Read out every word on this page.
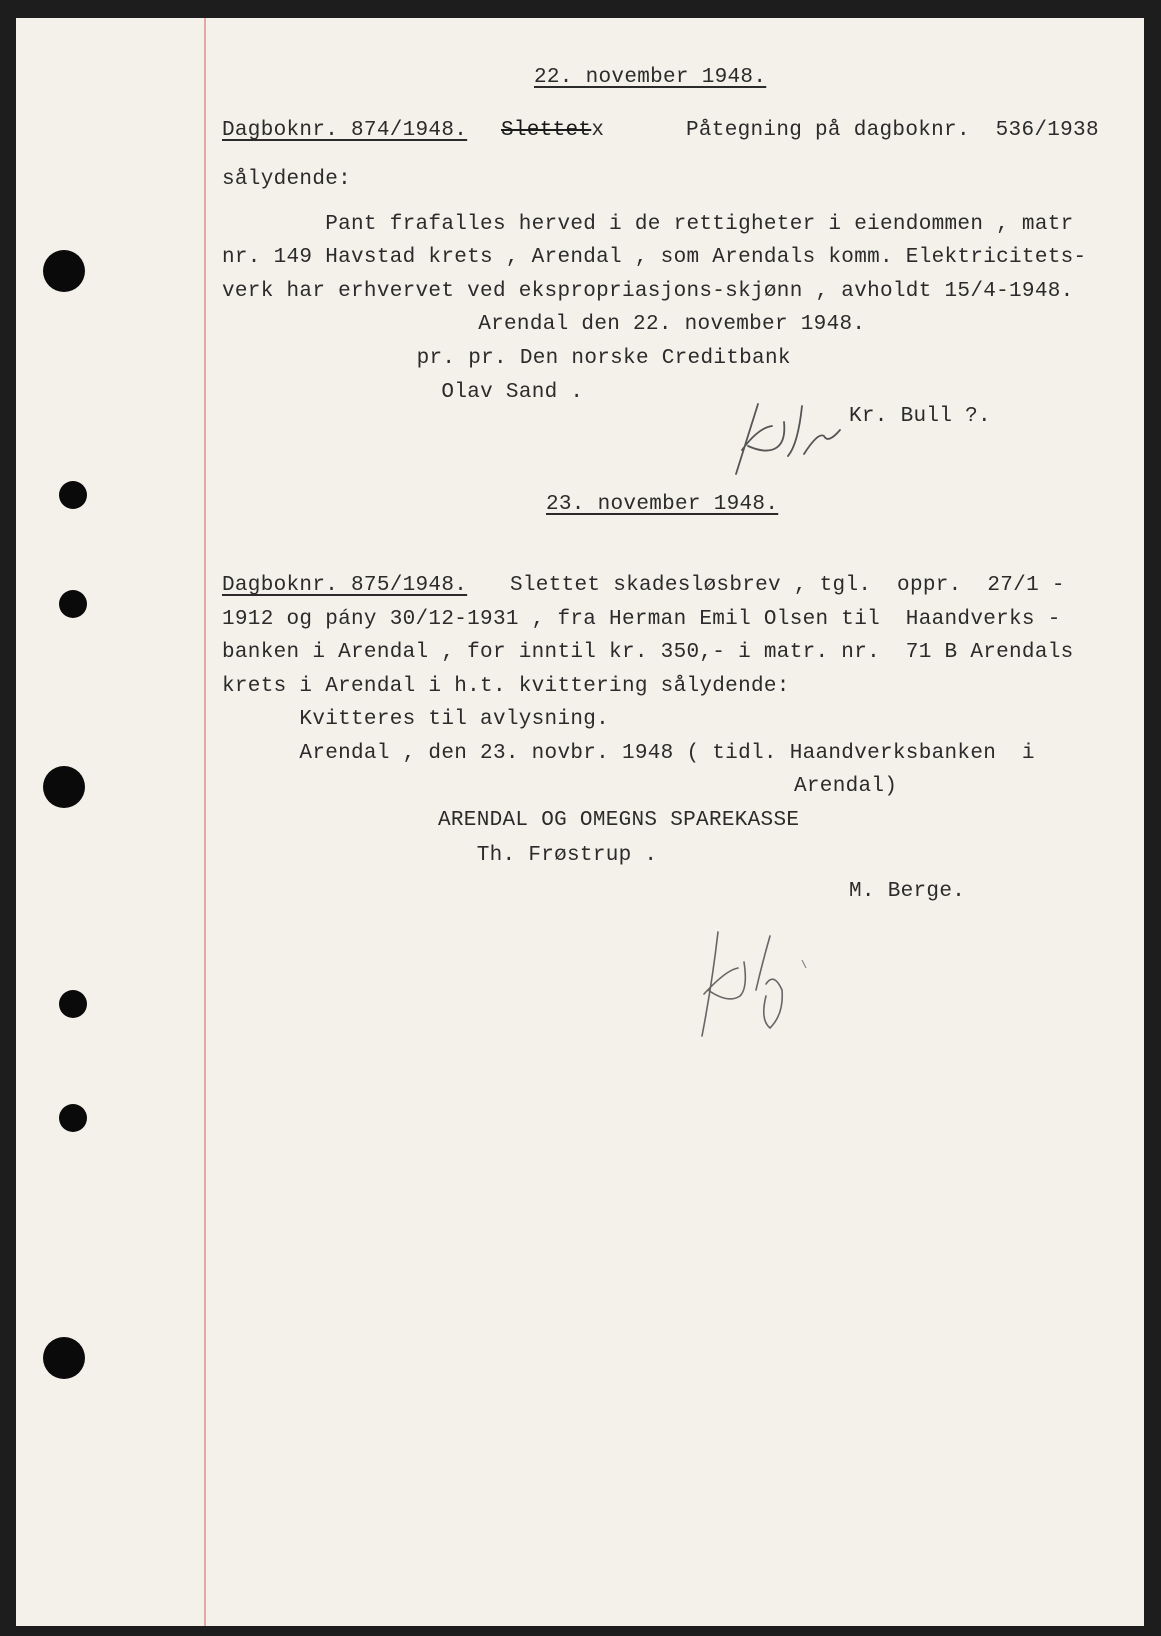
22. november 1948.
Dagboknr. 874/1948. Slettetx	Påtegning på dagboknr.  536/1938
sålydende:
Pant frafalles herved i de rettigheter i eiendommen , matr
nr. 149 Havstad krets , Arendal , som Arendals komm. Elektricitets-
verk har erhvervet ved ekspropriasjons-skjønn , avholdt 15/4-1948.
Arendal den 22. november 1948.
pr. pr. Den norske Creditbank
Olav Sand .
Kr. Bull ?.
23. november 1948.
Dagboknr. 875/1948. Slettet skadesløsbrev , tgl.  oppr.  27/1 -
1912 og pány 30/12-1931 , fra Herman Emil Olsen til  Haandverks -
banken i Arendal , for inntil kr. 350,- i matr. nr.  71 B Arendals
krets i Arendal i h.t. kvittering sålydende:
Kvitteres til avlysning.
Arendal , den 23. novbr. 1948 ( tidl. Haandverksbanken  i
Arendal)
ARENDAL OG OMEGNS SPAREKASSE
Th. Frøstrup .
M. Berge.
